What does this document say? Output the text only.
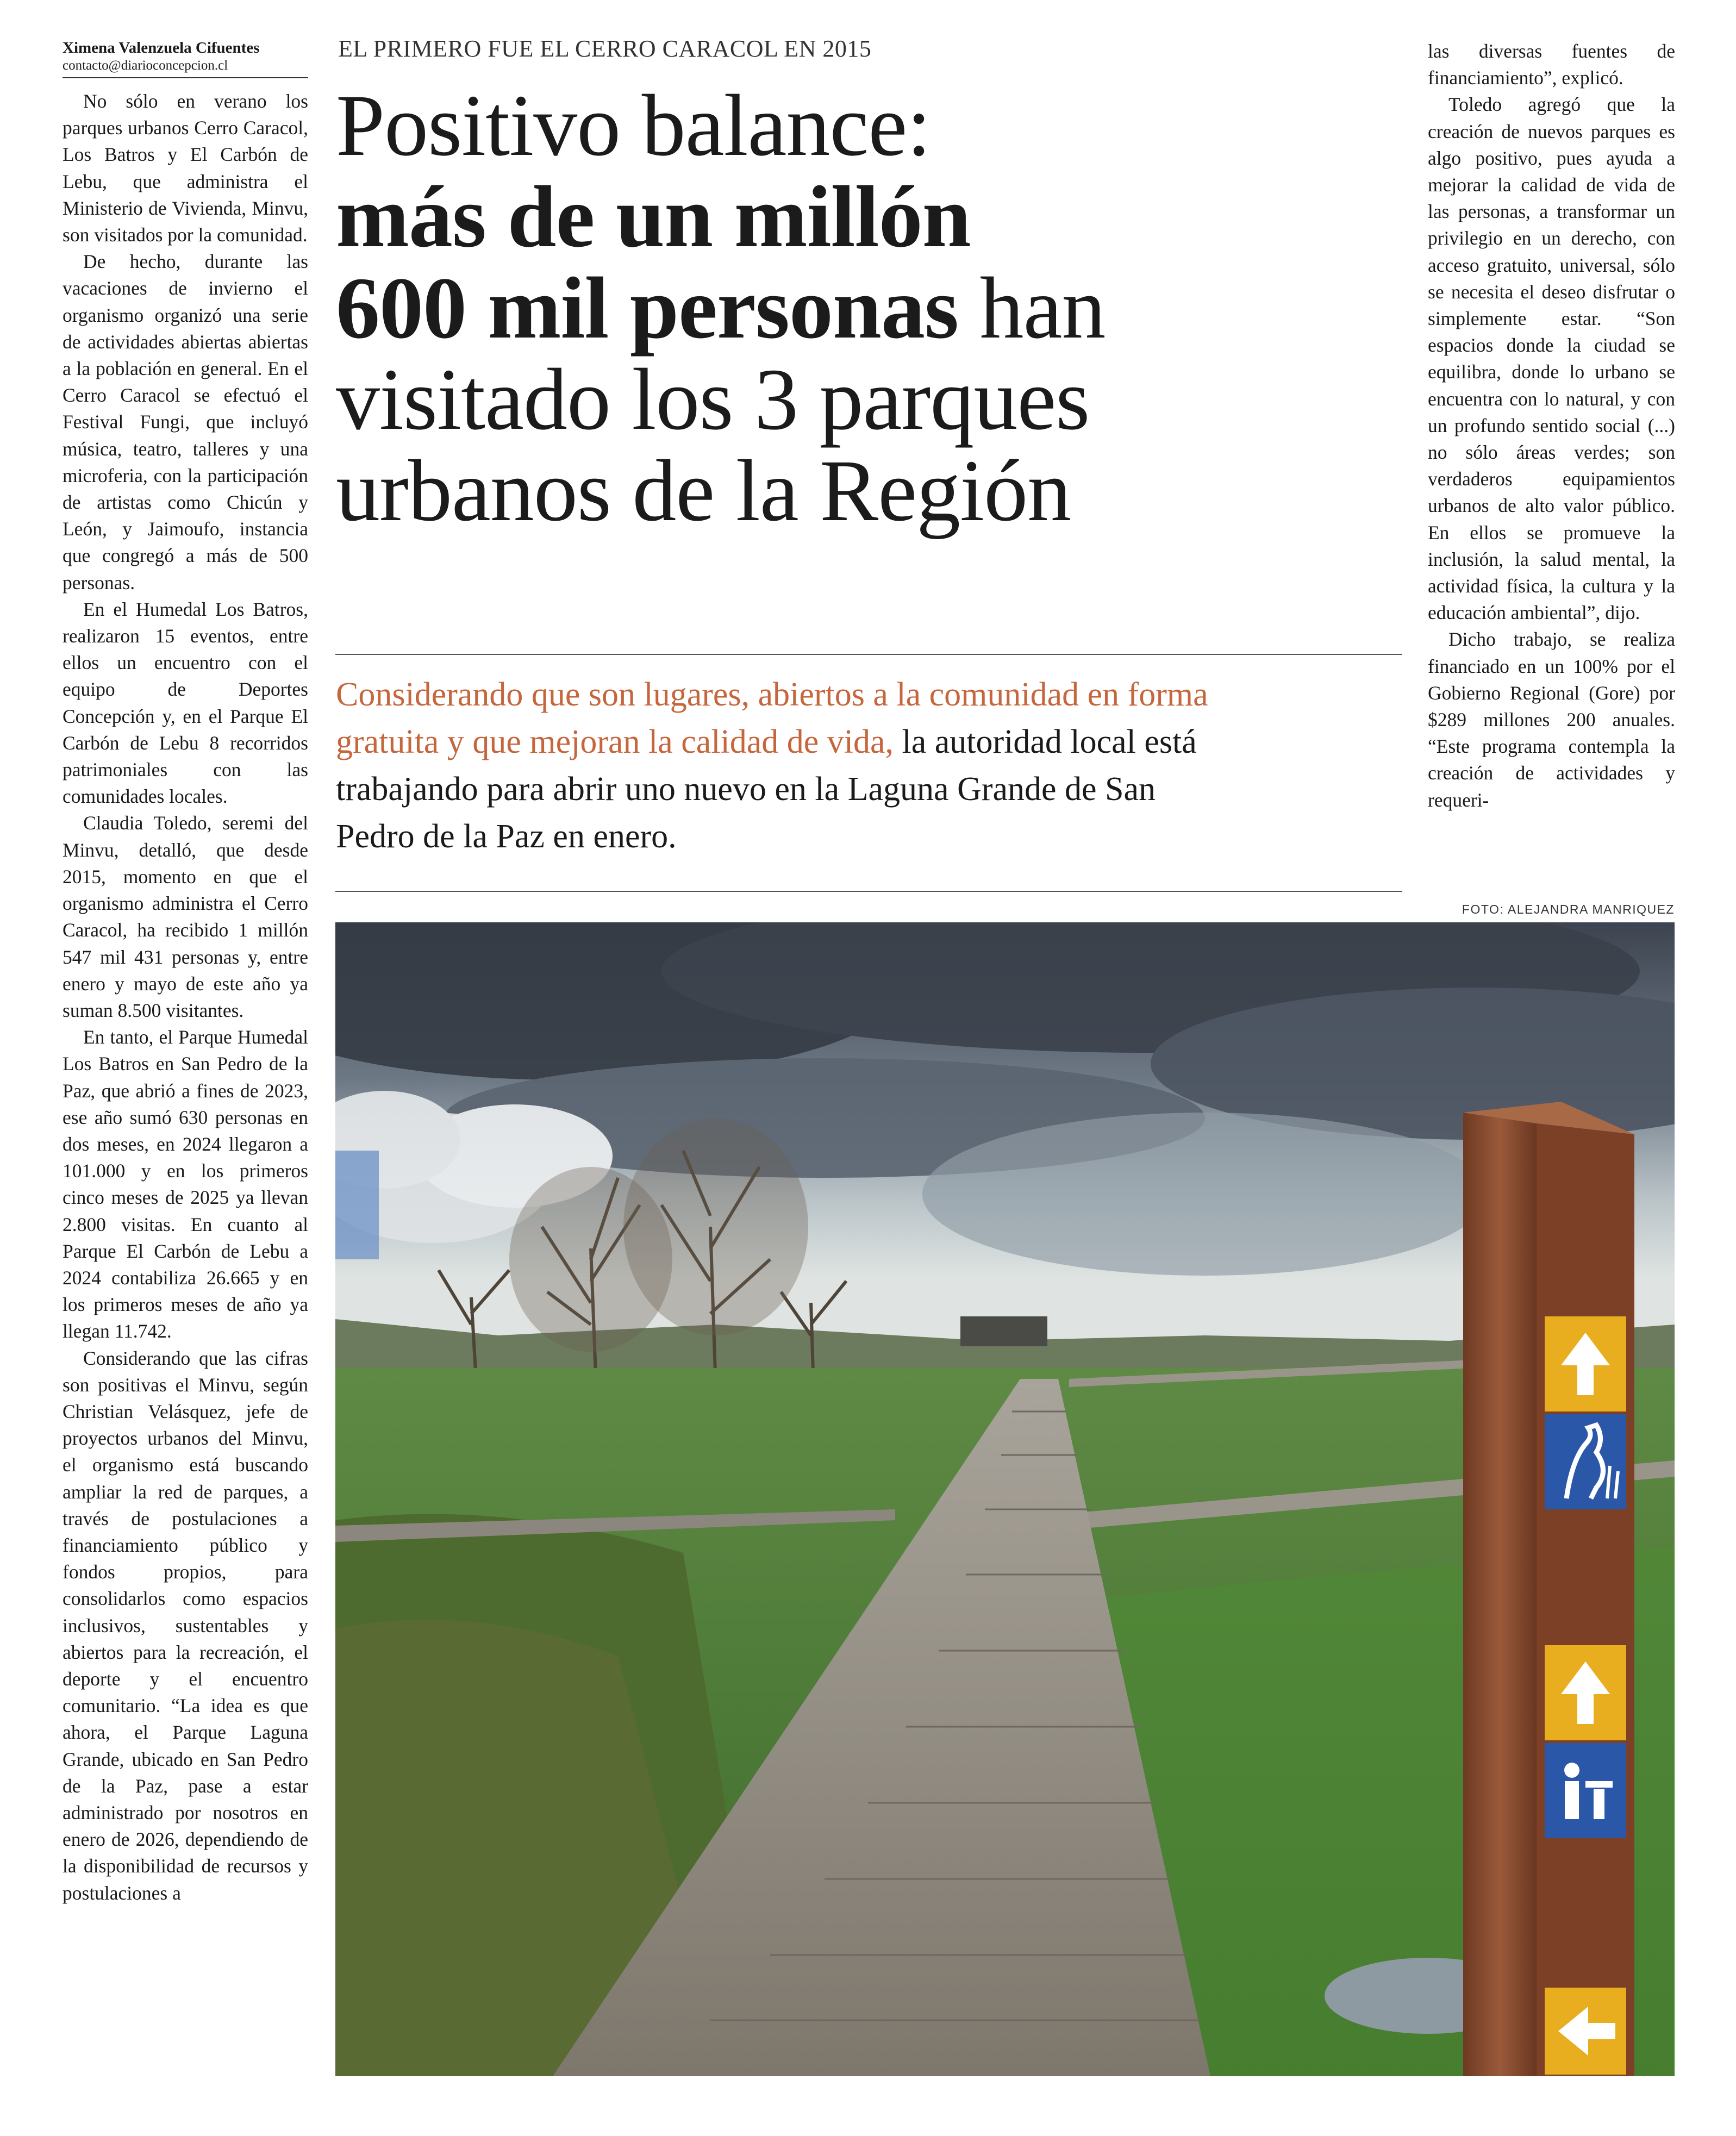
Ximena Valenzuela Cifuentes
contacto@diarioconcepcion.cl

No sólo en verano los parques urbanos Cerro Caracol, Los Batros y El Carbón de Lebu, que administra el Ministerio de Vivienda, Minvu, son visitados por la comunidad.

De hecho, durante las vacaciones de invierno el organismo organizó una serie de actividades abiertas abiertas a la población en general. En el Cerro Caracol se efectuó el Festival Fungi, que incluyó música, teatro, talleres y una microferia, con la participación de artistas como Chicún y León, y Jaimoufo, instancia que congregó a más de 500 personas.

En el Humedal Los Batros, realizaron 15 eventos, entre ellos un encuentro con el equipo de Deportes Concepción y, en el Parque El Carbón de Lebu 8 recorridos patrimoniales con las comunidades locales.

Claudia Toledo, seremi del Minvu, detalló, que desde 2015, momento en que el organismo administra el Cerro Caracol, ha recibido 1 millón 547 mil 431 personas y, entre enero y mayo de este año ya suman 8.500 visitantes.

En tanto, el Parque Humedal Los Batros en San Pedro de la Paz, que abrió a fines de 2023, ese año sumó 630 personas en dos meses, en 2024 llegaron a 101.000 y en los primeros cinco meses de 2025 ya llevan 2.800 visitas. En cuanto al Parque El Carbón de Lebu a 2024 contabiliza 26.665 y en los primeros meses de año ya llegan 11.742.

Considerando que las cifras son positivas el Minvu, según Christian Velásquez, jefe de proyectos urbanos del Minvu, el organismo está buscando ampliar la red de parques, a través de postulaciones a financiamiento público y fondos propios, para consolidarlos como espacios inclusivos, sustentables y abiertos para la recreación, el deporte y el encuentro comunitario. “La idea es que ahora, el Parque Laguna Grande, ubicado en San Pedro de la Paz, pase a estar administrado por nosotros en enero de 2026, dependiendo de la disponibilidad de recursos y postulaciones a

EL PRIMERO FUE EL CERRO CARACOL EN 2015
Positivo balance:
más de un millón
600 mil personas han
visitado los 3 parques
urbanos de la Región
Considerando que son lugares, abiertos a la comunidad en forma
gratuita y que mejoran la calidad de vida, la autoridad local está
trabajando para abrir uno nuevo en la Laguna Grande de San
Pedro de la Paz en enero.

las diversas fuentes de financiamiento”, explicó.

Toledo agregó que la creación de nuevos parques es algo positivo, pues ayuda a mejorar la calidad de vida de las personas, a transformar un privilegio en un derecho, con acceso gratuito, universal, sólo se necesita el deseo disfrutar o simplemente estar. “Son espacios donde la ciudad se equilibra, donde lo urbano se encuentra con lo natural, y con un profundo sentido social (...) no sólo áreas verdes; son verdaderos equipamientos urbanos de alto valor público. En ellos se promueve la inclusión, la salud mental, la actividad física, la cultura y la educación ambiental”, dijo.

Dicho trabajo, se realiza financiado en un 100% por el Gobierno Regional (Gore) por $289 millones 200 anuales. “Este programa contempla la creación de actividades y requeri-

FOTO: ALEJANDRA MANRIQUEZ
